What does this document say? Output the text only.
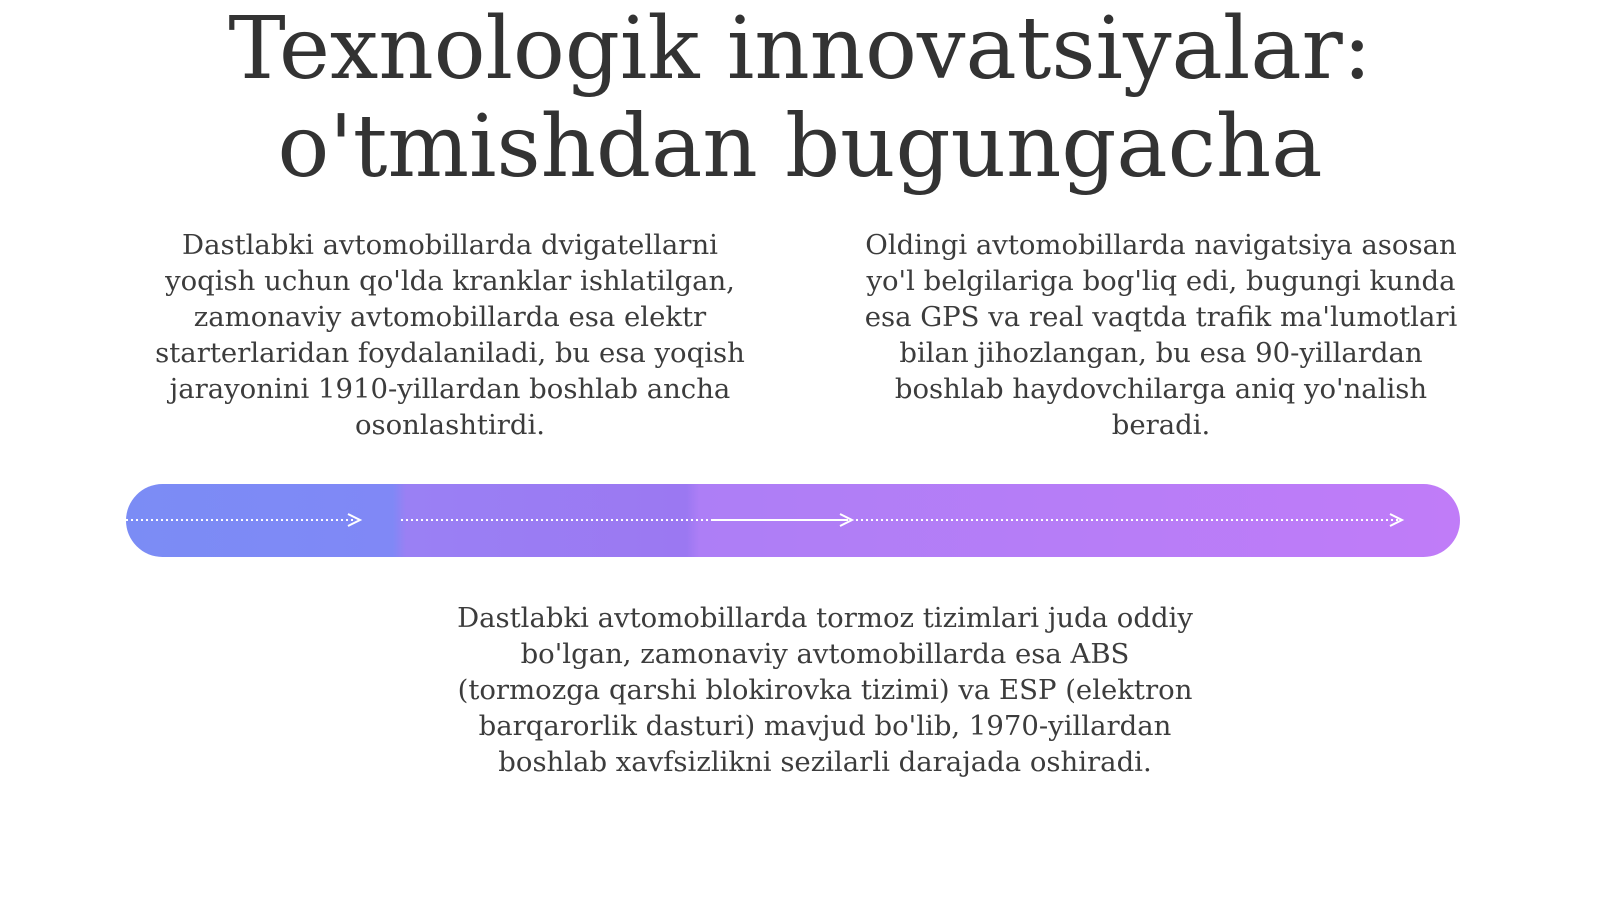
Texnologik innovatsiyalar:
o'tmishdan bugungacha

Dastlabki avtomobillarda dvigatellarni yoqish uchun qo'lda kranklar ishlatilgan, zamonaviy avtomobillarda esa elektr starterlaridan foydalaniladi, bu esa yoqish jarayonini 1910-yillardan boshlab ancha osonlashtirdi.

Oldingi avtomobillarda navigatsiya asosan yo'l belgilariga bog'liq edi, bugungi kunda esa GPS va real vaqtda trafik ma'lumotlari bilan jihozlangan, bu esa 90-yillardan boshlab haydovchilarga aniq yo'nalish beradi.

Dastlabki avtomobillarda tormoz tizimlari juda oddiy bo'lgan, zamonaviy avtomobillarda esa ABS (tormozga qarshi blokirovka tizimi) va ESP (elektron barqarorlik dasturi) mavjud bo'lib, 1970-yillardan boshlab xavfsizlikni sezilarli darajada oshiradi.
